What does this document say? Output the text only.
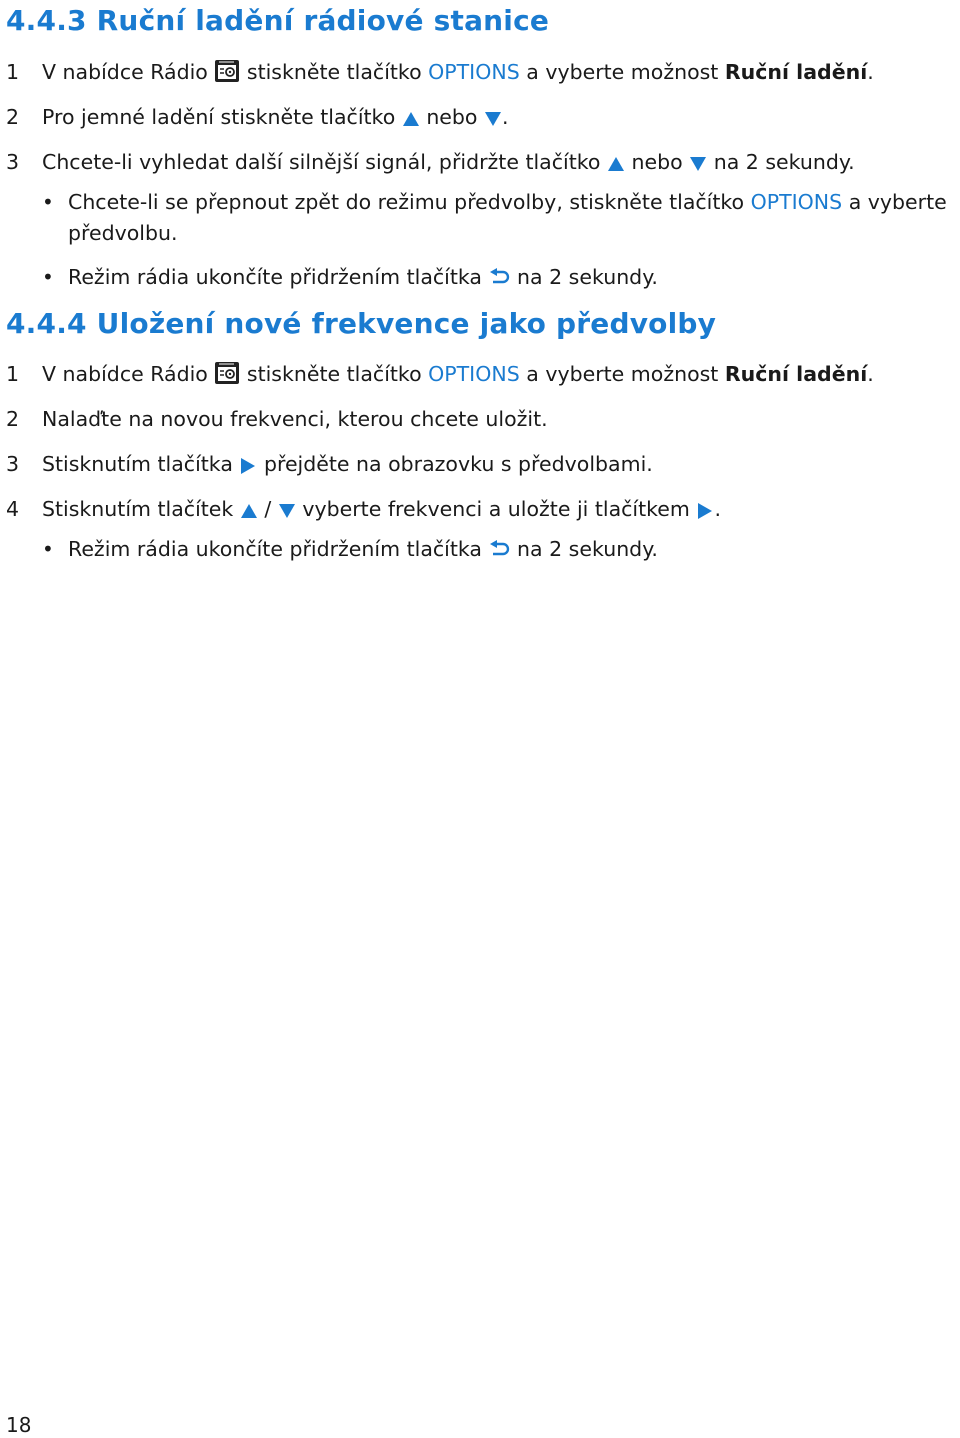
4.4.3 Ruční ladění rádiové stanice
1 V nabídce Rádio stiskněte tlačítko OPTIONS a vyberte možnost Ruční ladění.
2 Pro jemné ladění stiskněte tlačítko nebo .
3 Chcete-li vyhledat další silnější signál, přidržte tlačítko nebo na 2 sekundy.
• Chcete-li se přepnout zpět do režimu předvolby, stiskněte tlačítko OPTIONS a vyberte
předvolbu.
• Režim rádia ukončíte přidržením tlačítka na 2 sekundy.
4.4.4 Uložení nové frekvence jako předvolby
1 V nabídce Rádio stiskněte tlačítko OPTIONS a vyberte možnost Ruční ladění.
2 Nalaďte na novou frekvenci, kterou chcete uložit.
3 Stisknutím tlačítka přejděte na obrazovku s předvolbami.
4 Stisknutím tlačítek / vyberte frekvenci a uložte ji tlačítkem .
• Režim rádia ukončíte přidržením tlačítka na 2 sekundy.
18
